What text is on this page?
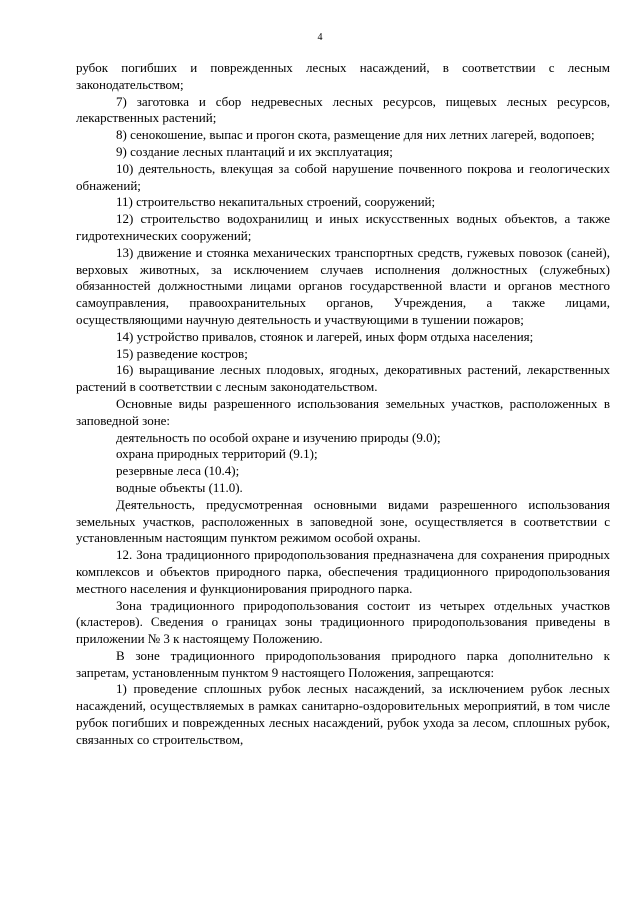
4

рубок погибших и поврежденных лесных насаждений, в соответствии с лесным законодательством;

7) заготовка и сбор недревесных лесных ресурсов, пищевых лесных ресурсов, лекарственных растений;

8) сенокошение, выпас и прогон скота, размещение для них летних лагерей, водопоев;

9) создание лесных плантаций и их эксплуатация;

10) деятельность, влекущая за собой нарушение почвенного покрова и геологических обнажений;

11) строительство некапитальных строений, сооружений;

12) строительство водохранилищ и иных искусственных водных объектов, а также гидротехнических сооружений;

13) движение и стоянка механических транспортных средств, гужевых повозок (саней), верховых животных, за исключением случаев исполнения должностных (служебных) обязанностей должностными лицами органов государственной власти и органов местного самоуправления, правоохранительных органов, Учреждения, а также лицами, осуществляющими научную деятельность и участвующими в тушении пожаров;

14) устройство привалов, стоянок и лагерей, иных форм отдыха населения;

15) разведение костров;

16) выращивание лесных плодовых, ягодных, декоративных растений, лекарственных растений в соответствии с лесным законодательством.

Основные виды разрешенного использования земельных участков, расположенных в заповедной зоне:

деятельность по особой охране и изучению природы (9.0);

охрана природных территорий (9.1);

резервные леса (10.4);

водные объекты (11.0).

Деятельность, предусмотренная основными видами разрешенного использования земельных участков, расположенных в заповедной зоне, осуществляется в соответствии с установленным настоящим пунктом режимом особой охраны.

12. Зона традиционного природопользования предназначена для сохранения природных комплексов и объектов природного парка, обеспечения традиционного природопользования местного населения и функционирования природного парка.

Зона традиционного природопользования состоит из четырех отдельных участков (кластеров). Сведения о границах зоны традиционного природопользования приведены в приложении № 3 к настоящему Положению.

В зоне традиционного природопользования природного парка дополнительно к запретам, установленным пунктом 9 настоящего Положения, запрещаются:

1) проведение сплошных рубок лесных насаждений, за исключением рубок лесных насаждений, осуществляемых в рамках санитарно-оздоровительных мероприятий, в том числе рубок погибших и поврежденных лесных насаждений, рубок ухода за лесом, сплошных рубок, связанных со строительством,
